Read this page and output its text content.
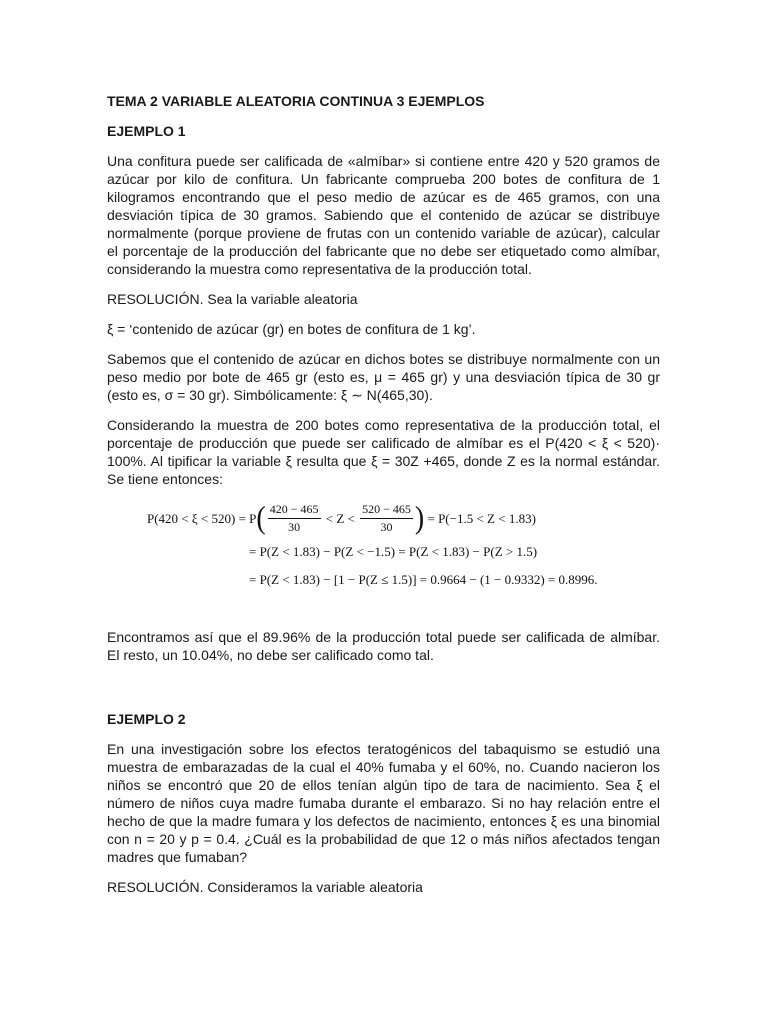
TEMA 2 VARIABLE ALEATORIA CONTINUA 3 EJEMPLOS

EJEMPLO 1

Una confitura puede ser calificada de «almíbar» si contiene entre 420 y 520 gramos de azúcar por kilo de confitura. Un fabricante comprueba 200 botes de confitura de 1 kilogramos encontrando que el peso medio de azúcar es de 465 gramos, con una desviación típica de 30 gramos. Sabiendo que el contenido de azúcar se distribuye normalmente (porque proviene de frutas con un contenido variable de azúcar), calcular el porcentaje de la producción del fabricante que no debe ser etiquetado como almíbar, considerando la muestra como representativa de la producción total.

RESOLUCIÓN. Sea la variable aleatoria

ξ = ‘contenido de azúcar (gr) en botes de confitura de 1 kg’.

Sabemos que el contenido de azúcar en dichos botes se distribuye normalmente con un peso medio por bote de 465 gr (esto es, μ = 465 gr) y una desviación típica de 30 gr (esto es, σ = 30 gr). Simbólicamente: ξ ∼ N(465,30).

Considerando la muestra de 200 botes como representativa de la producción total, el porcentaje de producción que puede ser calificado de almíbar es el P(420 < ξ < 520)· 100%. Al tipificar la variable ξ resulta que ξ = 30Z +465, donde Z es la normal estándar. Se tiene entonces:

P(420 < ξ < 520) = P ( $\frac{420 - 465}{30} < Z < \frac{520 - 465}{30}$ ) = P(−1.5 < Z < 1.83)
= P(Z < 1.83) − P(Z < −1.5) = P(Z < 1.83) − P(Z > 1.5)
= P(Z < 1.83) − [1 − P(Z ≤ 1.5)] = 0.9664 − (1 − 0.9332) = 0.8996.

Encontramos así que el 89.96% de la producción total puede ser calificada de almíbar. El resto, un 10.04%, no debe ser calificado como tal.

EJEMPLO 2

En una investigación sobre los efectos teratogénicos del tabaquismo se estudió una muestra de embarazadas de la cual el 40% fumaba y el 60%, no. Cuando nacieron los niños se encontró que 20 de ellos tenían algún tipo de tara de nacimiento. Sea ξ el número de niños cuya madre fumaba durante el embarazo. Si no hay relación entre el hecho de que la madre fumara y los defectos de nacimiento, entonces ξ es una binomial con n = 20 y p = 0.4. ¿Cuál es la probabilidad de que 12 o más niños afectados tengan madres que fumaban?

RESOLUCIÓN. Consideramos la variable aleatoria
